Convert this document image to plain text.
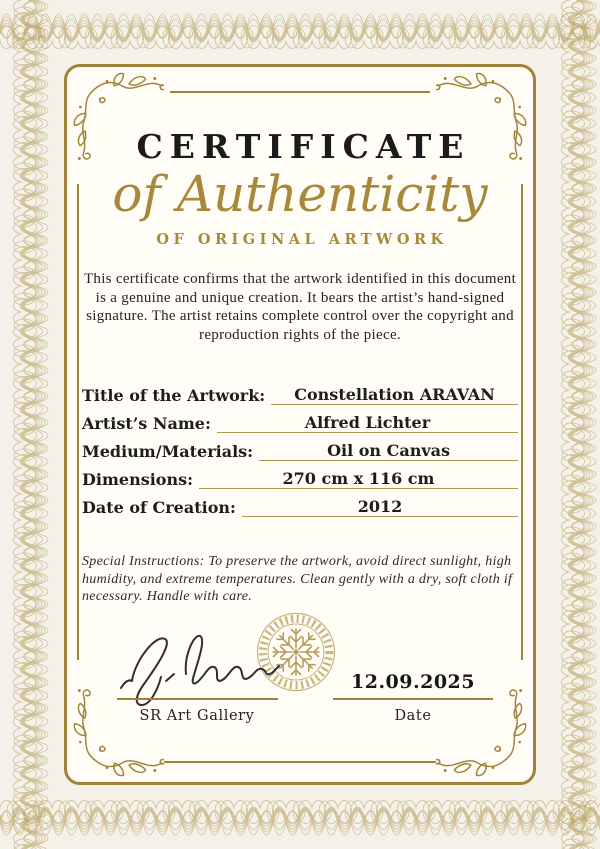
CERTIFICATE
of Authenticity
OF ORIGINAL ARTWORK
This certificate confirms that the artwork identified in this document is a genuine and unique creation. It bears the artist’s hand-signed signature. The artist retains complete control over the copyright and reproduction rights of the piece.
Title of the Artwork:	Constellation ARAVAN
Artist’s Name:	Alfred Lichter
Medium/Materials:	Oil on Canvas
Dimensions:	270 cm x 116 cm
Date of Creation:	2012
Special Instructions: To preserve the artwork, avoid direct sunlight, high humidity, and extreme temperatures. Clean gently with a dry, soft cloth if necessary. Handle with care.
12.09.2025
SR Art Gallery	Date
